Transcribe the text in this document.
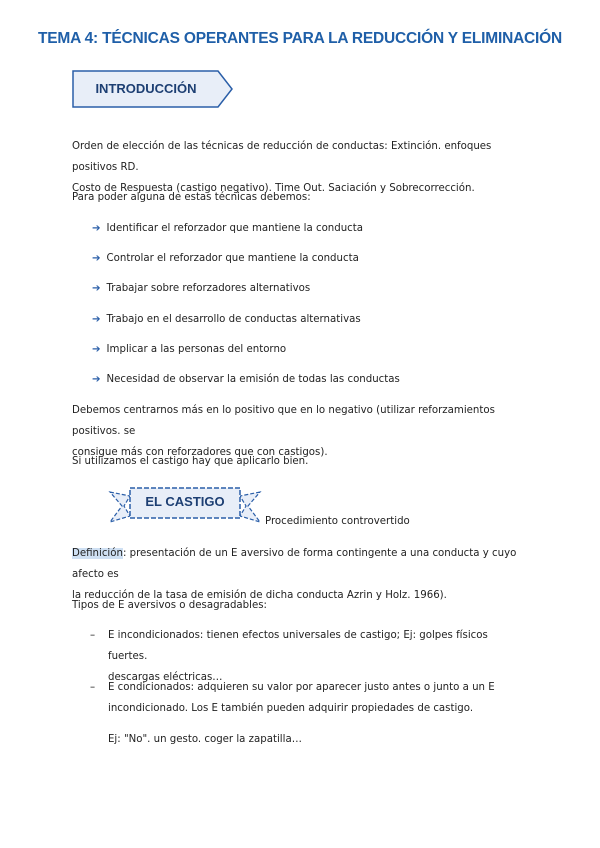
TEMA 4: TÉCNICAS OPERANTES PARA LA REDUCCIÓN Y ELIMINACIÓN
INTRODUCCIÓN
Orden de elección de las técnicas de reducción de conductas: Extinción. enfoques positivos RD.
Costo de Respuesta (castigo negativo). Time Out. Saciación y Sobrecorrección.
Para poder alguna de estas técnicas debemos:
➔ Identificar el reforzador que mantiene la conducta
➔ Controlar el reforzador que mantiene la conducta
➔ Trabajar sobre reforzadores alternativos
➔ Trabajo en el desarrollo de conductas alternativas
➔ Implicar a las personas del entorno
➔ Necesidad de observar la emisión de todas las conductas
Debemos centrarnos más en lo positivo que en lo negativo (utilizar reforzamientos positivos. se
consigue más con reforzadores que con castigos).
Si utilizamos el castigo hay que aplicarlo bien.
EL CASTIGO
Procedimiento controvertido
Definición: presentación de un E aversivo de forma contingente a una conducta y cuyo afecto es
la reducción de la tasa de emisión de dicha conducta Azrin y Holz. 1966).
Tipos de E aversivos o desagradables:
– E incondicionados: tienen efectos universales de castigo; Ej: golpes físicos fuertes.
descargas eléctricas…
– E condicionados: adquieren su valor por aparecer justo antes o junto a un E
incondicionado. Los E también pueden adquirir propiedades de castigo.
Ej: "No". un gesto. coger la zapatilla…
